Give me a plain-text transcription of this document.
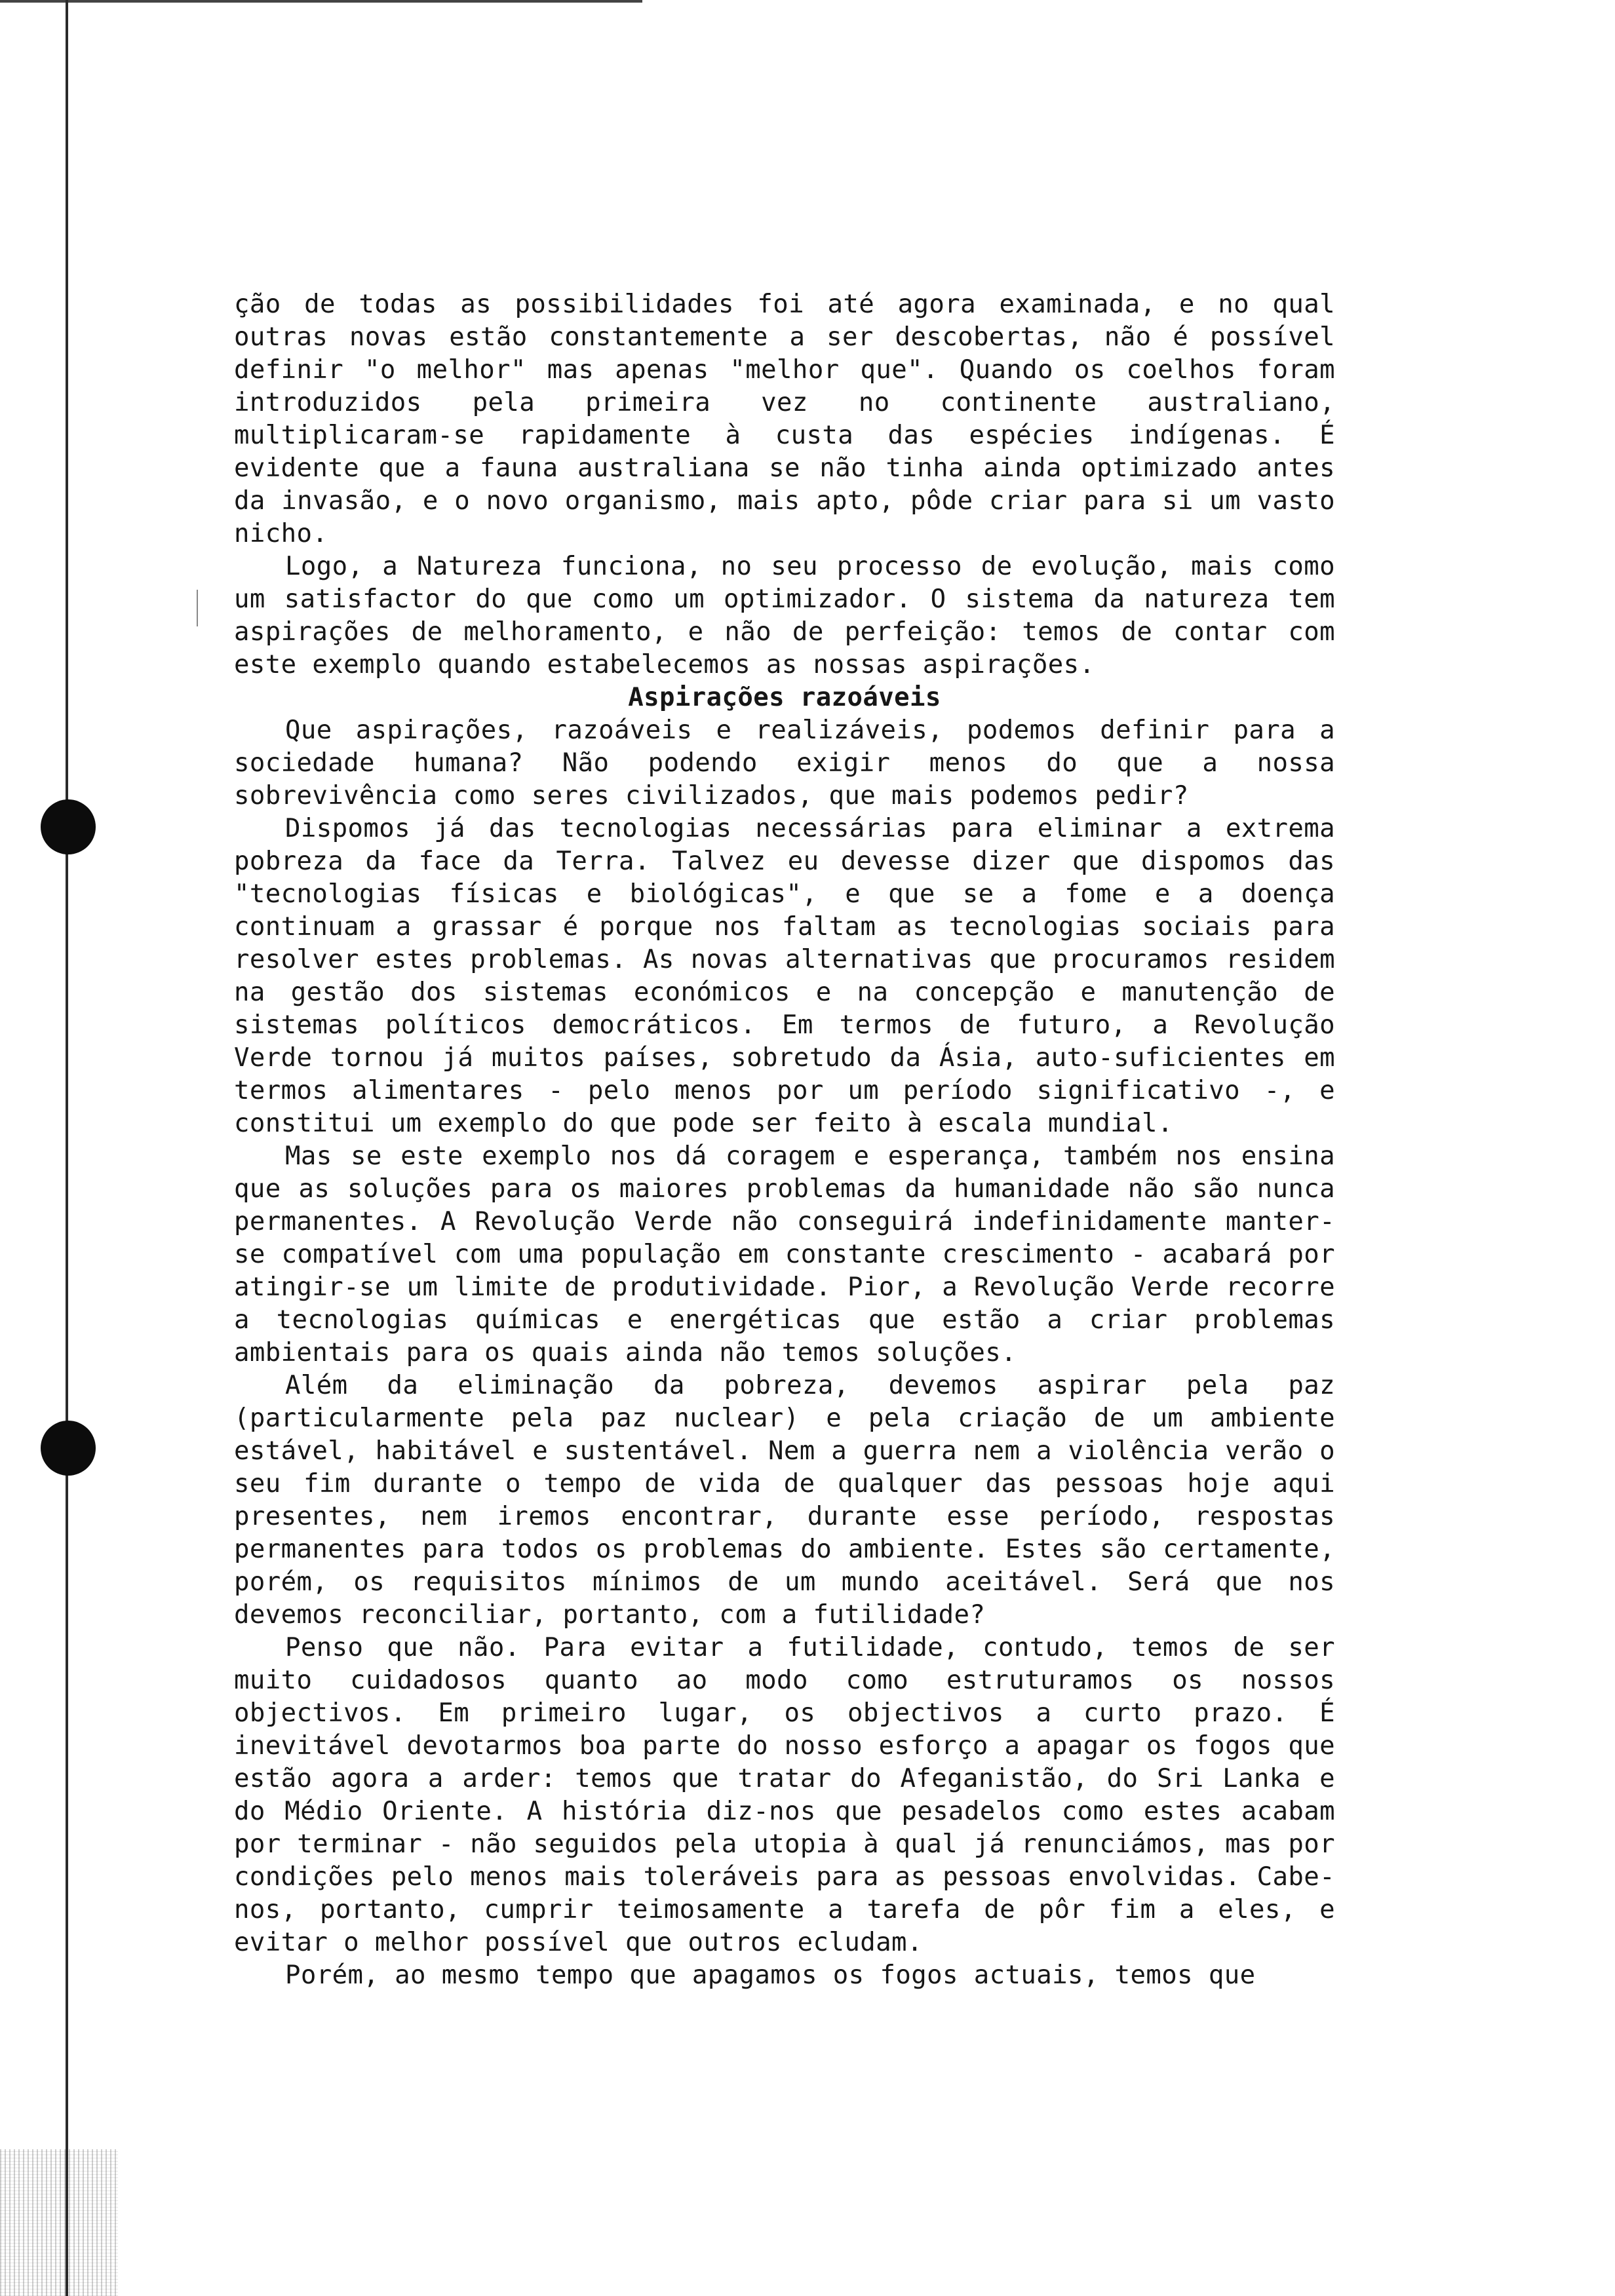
ção de todas as possibilidades foi até agora examinada, e no qual outras novas estão constantemente a ser descobertas, não é possível definir "o melhor" mas apenas "melhor que". Quando os coelhos foram introduzidos pela primeira vez no continente australiano, multiplicaram-se rapidamente à custa das espécies indígenas. É evidente que a fauna australiana se não tinha ainda optimizado antes da invasão, e o novo organismo, mais apto, pôde criar para si um vasto nicho.

Logo, a Natureza funciona, no seu processo de evolução, mais como um satisfactor do que como um optimizador. O sistema da natureza tem aspirações de melhoramento, e não de perfeição: temos de contar com este exemplo quando estabelecemos as nossas aspirações.

Aspirações razoáveis

Que aspirações, razoáveis e realizáveis, podemos definir para a sociedade humana? Não podendo exigir menos do que a nossa sobrevivência como seres civilizados, que mais podemos pedir?

Dispomos já das tecnologias necessárias para eliminar a extrema pobreza da face da Terra. Talvez eu devesse dizer que dispomos das "tecnologias físicas e biológicas", e que se a fome e a doença continuam a grassar é porque nos faltam as tecnologias sociais para resolver estes problemas. As novas alternativas que procuramos residem na gestão dos sistemas económicos e na concepção e manutenção de sistemas políticos democráticos. Em termos de futuro, a Revolução Verde tornou já muitos países, sobretudo da Ásia, auto-suficientes em termos alimentares - pelo menos por um período significativo -, e constitui um exemplo do que pode ser feito à escala mundial.

Mas se este exemplo nos dá coragem e esperança, também nos ensina que as soluções para os maiores problemas da humanidade não são nunca permanentes. A Revolução Verde não conseguirá indefinidamente manter-se compatível com uma população em constante crescimento - acabará por atingir-se um limite de produtividade. Pior, a Revolução Verde recorre a tecnologias químicas e energéticas que estão a criar problemas ambientais para os quais ainda não temos soluções.

Além da eliminação da pobreza, devemos aspirar pela paz (particularmente pela paz nuclear) e pela criação de um ambiente estável, habitável e sustentável. Nem a guerra nem a violência verão o seu fim durante o tempo de vida de qualquer das pessoas hoje aqui presentes, nem iremos encontrar, durante esse período, respostas permanentes para todos os problemas do ambiente. Estes são certamente, porém, os requisitos mínimos de um mundo aceitável. Será que nos devemos reconciliar, portanto, com a futilidade?

Penso que não. Para evitar a futilidade, contudo, temos de ser muito cuidadosos quanto ao modo como estruturamos os nossos objectivos. Em primeiro lugar, os objectivos a curto prazo. É inevitável devotarmos boa parte do nosso esforço a apagar os fogos que estão agora a arder: temos que tratar do Afeganistão, do Sri Lanka e do Médio Oriente. A história diz-nos que pesadelos como estes acabam por terminar - não seguidos pela utopia à qual já renunciámos, mas por condições pelo menos mais toleráveis para as pessoas envolvidas. Cabe-nos, portanto, cumprir teimosamente a tarefa de pôr fim a eles, e evitar o melhor possível que outros ecludam.

Porém, ao mesmo tempo que apagamos os fogos actuais, temos que
